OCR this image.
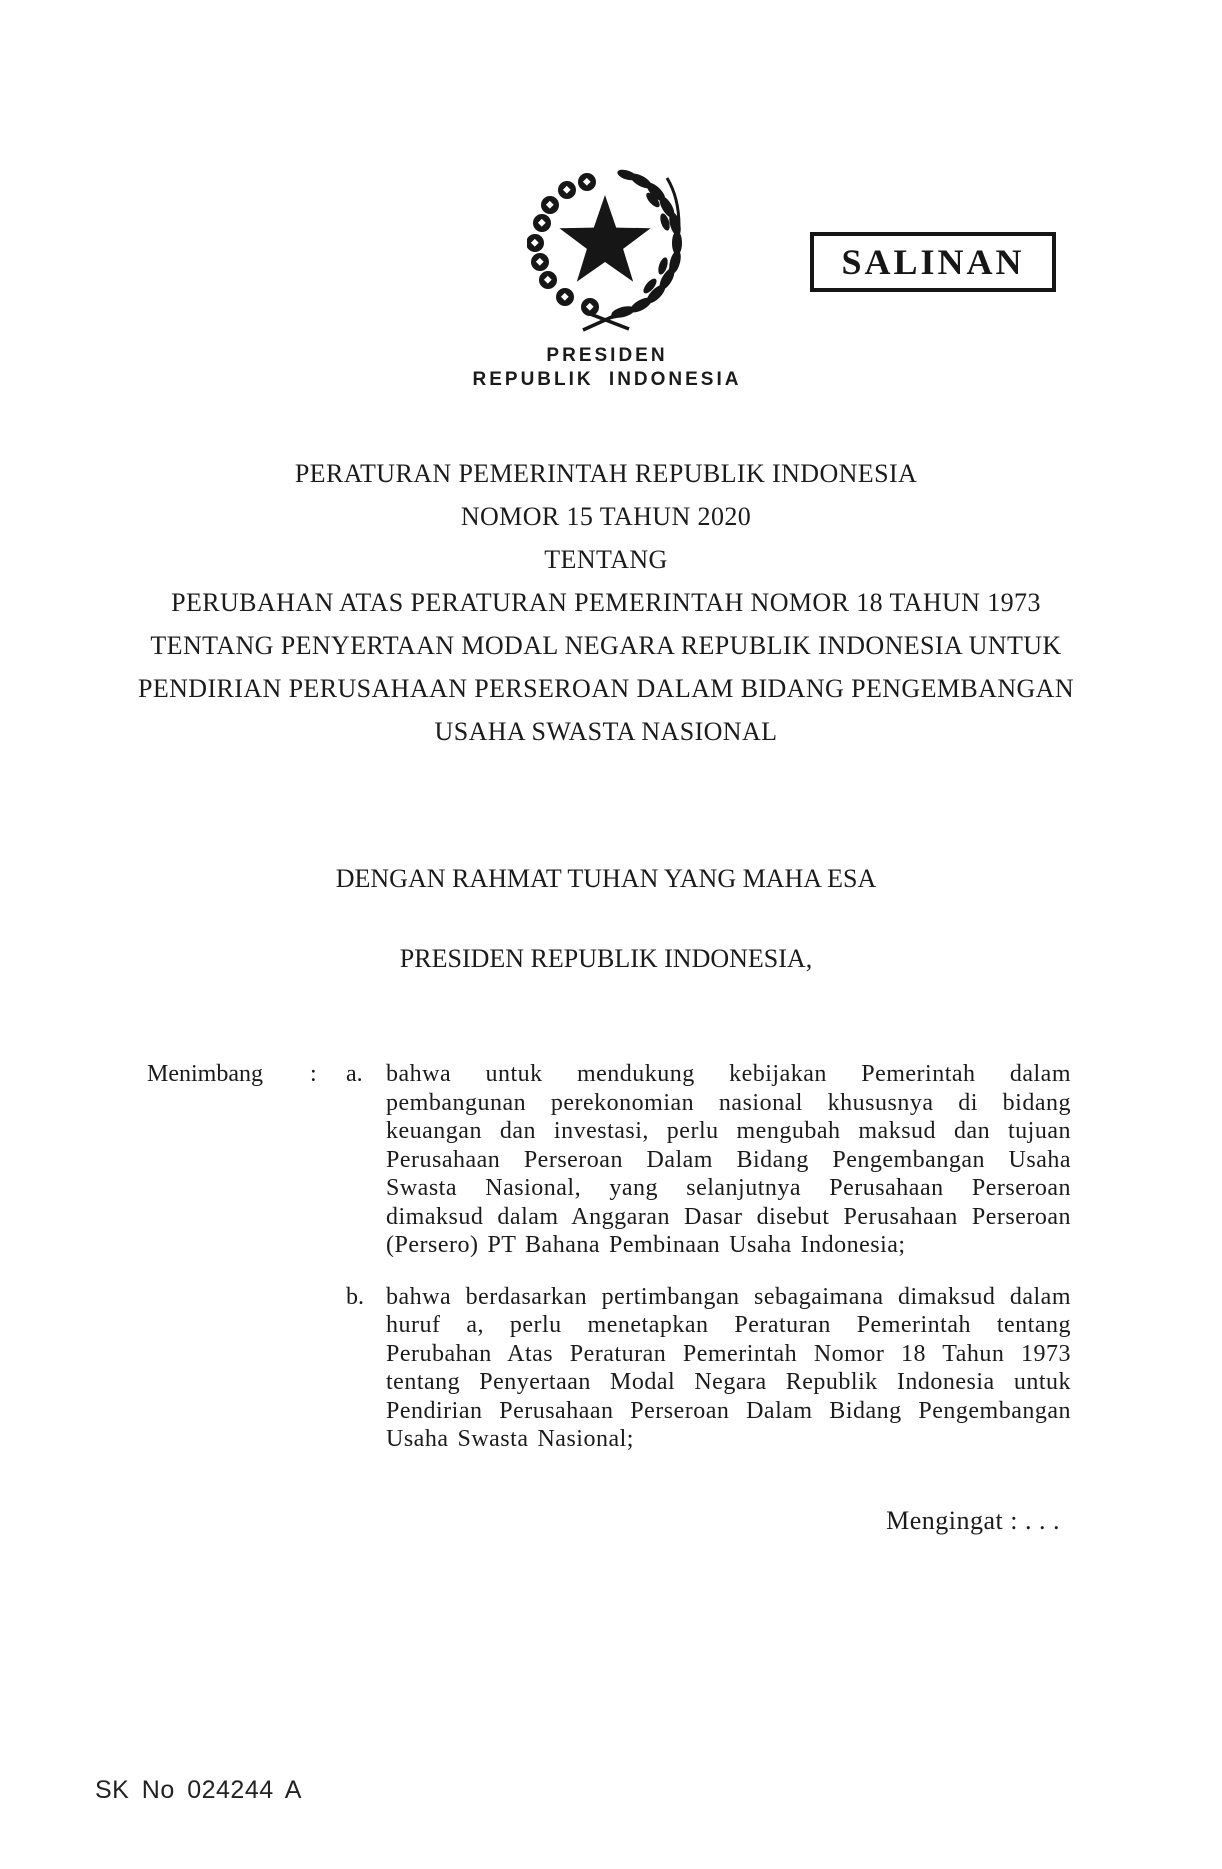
SALINAN
PRESIDEN
REPUBLIK INDONESIA
PERATURAN PEMERINTAH REPUBLIK INDONESIA
NOMOR 15 TAHUN 2020
TENTANG
PERUBAHAN ATAS PERATURAN PEMERINTAH NOMOR 18 TAHUN 1973
TENTANG PENYERTAAN MODAL NEGARA REPUBLIK INDONESIA UNTUK
PENDIRIAN PERUSAHAAN PERSEROAN DALAM BIDANG PENGEMBANGAN
USAHA SWASTA NASIONAL
DENGAN RAHMAT TUHAN YANG MAHA ESA
PRESIDEN REPUBLIK INDONESIA,
Menimbang	:	a. bahwa untuk mendukung kebijakan Pemerintah dalam pembangunan perekonomian nasional khususnya di bidang keuangan dan investasi, perlu mengubah maksud dan tujuan Perusahaan Perseroan Dalam Bidang Pengembangan Usaha Swasta Nasional, yang selanjutnya Perusahaan Perseroan dimaksud dalam Anggaran Dasar disebut Perusahaan Perseroan (Persero) PT Bahana Pembinaan Usaha Indonesia;
b. bahwa berdasarkan pertimbangan sebagaimana dimaksud dalam huruf a, perlu menetapkan Peraturan Pemerintah tentang Perubahan Atas Peraturan Pemerintah Nomor 18 Tahun 1973 tentang Penyertaan Modal Negara Republik Indonesia untuk Pendirian Perusahaan Perseroan Dalam Bidang Pengembangan Usaha Swasta Nasional;
Mengingat : . . .
SK No 024244 A
